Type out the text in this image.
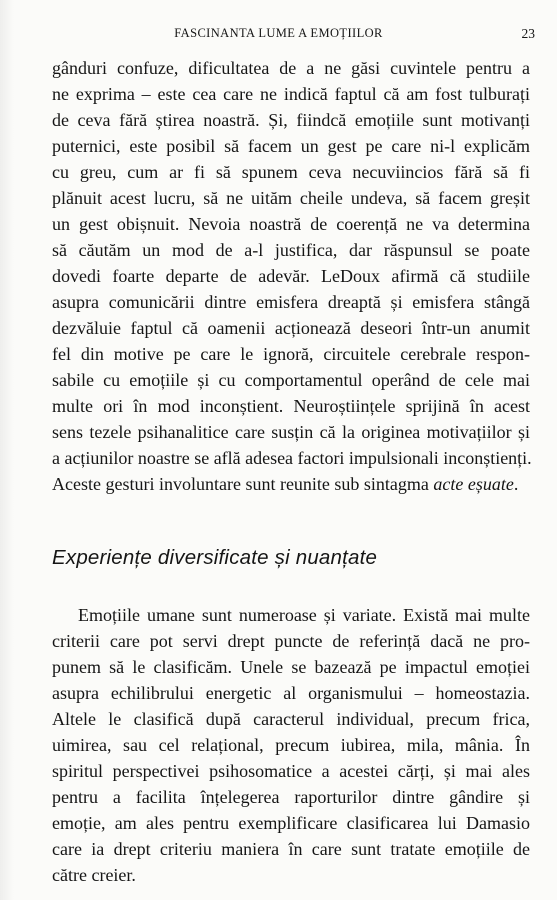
FASCINANTA LUME A EMOȚIILOR	23
gânduri confuze, dificultatea de a ne găsi cuvintele pentru a
ne exprima – este cea care ne indică faptul că am fost tulburați
de ceva fără știrea noastră. Și, fiindcă emoțiile sunt motivanți
puternici, este posibil să facem un gest pe care ni-l explicăm
cu greu, cum ar fi să spunem ceva necuviincios fără să fi
plănuit acest lucru, să ne uităm cheile undeva, să facem greșit
un gest obișnuit. Nevoia noastră de coerență ne va determina
să căutăm un mod de a-l justifica, dar răspunsul se poate
dovedi foarte departe de adevăr. LeDoux afirmă că studiile
asupra comunicării dintre emisfera dreaptă și emisfera stângă
dezvăluie faptul că oamenii acționează deseori într-un anumit
fel din motive pe care le ignoră, circuitele cerebrale respon-
sabile cu emoțiile și cu comportamentul operând de cele mai
multe ori în mod inconștient. Neuroștiințele sprijină în acest
sens tezele psihanalitice care susțin că la originea motivațiilor și
a acțiunilor noastre se află adesea factori impulsionali inconștienți.
Aceste gesturi involuntare sunt reunite sub sintagma acte eșuate.
Experiențe diversificate și nuanțate
Emoțiile umane sunt numeroase și variate. Există mai multe
criterii care pot servi drept puncte de referință dacă ne pro-
punem să le clasificăm. Unele se bazează pe impactul emoției
asupra echilibrului energetic al organismului – homeostazia.
Altele le clasifică după caracterul individual, precum frica,
uimirea, sau cel relațional, precum iubirea, mila, mânia. În
spiritul perspectivei psihosomatice a acestei cărți, și mai ales
pentru a facilita înțelegerea raporturilor dintre gândire și
emoție, am ales pentru exemplificare clasificarea lui Damasio
care ia drept criteriu maniera în care sunt tratate emoțiile de
către creier.
